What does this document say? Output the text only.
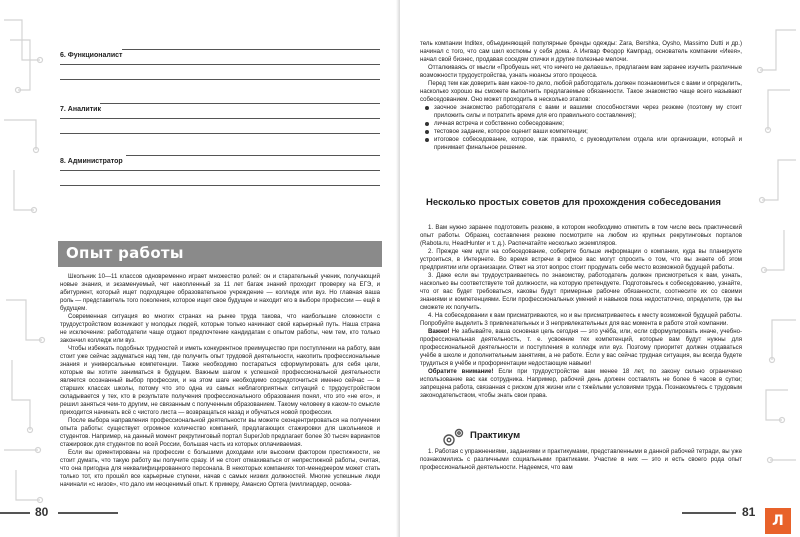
6. Функционалист
7. Аналитик
8. Администратор
Опыт работы

Школьник 10—11 классов одновременно играет множество ролей: он и старательный ученик, получающий новые знания, и экзаменуемый, чет накопленный за 11 лет багаж знаний проходит проверку на ЕГЭ, и абитуриент, который ищет подходящее образовательное учреждение — колледж или вуз. Но главная ваша роль — представитель того поколения, которое ищет свое будущее и находит его в выборе профессии — ещё в будущем.

Современная ситуация во многих странах на рынке труда такова, что наибольшие сложности с трудоустройством возникают у молодых людей, которые только начинают свой карьерный путь. Наша страна не исключение: работодатели чаще отдают предпочтение кандидатам с опытом работы, чем тем, кто только закончил колледж или вуз.

Чтобы избежать подобных трудностей и иметь конкурентное преимущество при поступлении на работу, вам стоит уже сейчас задуматься над тем, где получить опыт трудовой деятельности, накопить профессиональные знания и универсальные компетенции. Также необходимо постараться сформулировать для себя цели, которые вы хотите заниматься в будущем. Важным шагом к успешной профессиональной деятельности является осознанный выбор профессии, и на этом шаге необходимо сосредоточиться именно сейчас — в старших классах школы, потому что это одна из самых неблагоприятных ситуаций с трудоустройством складывается у тех, кто в результате получения профессионального образования понял, что это «не его», и решил заняться чем-то другим, не связанным с полученным образованием. Такому человеку в каком-то смысле приходится начинать всё с чистого листа — возвращаться назад и обучаться новой профессии.

После выбора направления профессиональной деятельности вы можете сконцентрироваться на получении опыта работы: существует огромное количество компаний, предлагающих стажировки для школьников и студентов. Например, на данный момент рекрутинговый портал SuperJob предлагает более 30 тысяч вариантов стажировок для студентов по всей России, большая часть из которых оплачиваемая.

Если вы ориентированы на профессии с большими доходами или высоким фактором престижности, не стоит думать, что такую работу вы получите сразу. И не стоит отмахиваться от непрестижной работы, считая, что она пригодна для неквалифицированного персонала. В некоторых компаниях топ-менеджером может стать только тот, кто прошёл все карьерные ступени, начав с самых низких должностей. Многие успешные люди начинали «с низов», что дало им неоценимый опыт. К примеру, Амансио Ортега (миллиардер, основа-

80

тель компании Inditex, объединяющей популярные бренды одежды: Zara, Bershka, Oysho, Massimo Dutti и др.) начинал с того, что сам шил костюмы у себя дома. А Ингвар Феодор Кампрад, основатель компании «Икея», начал свой бизнес, продавая соседям спички и другие полезные мелочи.

Отталкиваясь от мысли «Пробуешь нет, что ничего не делаешь», предлагаем вам заранее изучить различные возможности трудоустройства, узнать нюансы этого процесса.

Перед тем как доверить вам какое-то дело, любой работодатель должен познакомиться с вами и определить, насколько хорошо вы сможете выполнить предлагаемые обязанности. Такое знакомство чаще всего называют собеседованием. Оно может проходить в несколько этапов:

заочное знакомство работодателя с вами и вашими способностями через резюме (поэтому му стоит приложить силы и потратить время для его правильного составления);
личная встреча и собственно собеседование;
тестовое задание, которое оценит ваши компетенции;
итоговое собеседование, которое, как правило, с руководителем отдела или организации, который и принимает финальное решение.
Несколько простых советов для прохождения собеседования

1. Вам нужно заранее подготовить резюме, в котором необходимо отметить в том числе весь практический опыт работы. Образец составления резюме посмотрите на любом из крупных рекрутинговых порталов (Rabota.ru, HeadHunter и т. д.). Распечатайте несколько экземпляров.

2. Прежде чем идти на собеседование, соберите больше информации о компании, куда вы планируете устроиться, в Интернете. Во время встречи в офисе вас могут спросить о том, что вы знаете об этом предприятии или организации. Ответ на этот вопрос стоит продумать себе место возможной будущей работы.

3. Даже если вы трудоустраиваетесь по знакомству, работодатель должен присмотреться к вам, узнать, насколько вы соответствуете той должности, на которую претендуете. Подготовьтесь к собеседованию, узнайте, что от вас будет требоваться, каковы будут примерные рабочие обязанности, соотнесите их со своими знаниями и компетенциями. Если профессиональных умений и навыков пока недостаточно, определите, где вы сможете их получить.

4. На собеседовании к вам присматриваются, но и вы присматриваетесь к месту возможной будущей работы. Попробуйте выделить 3 привлекательных и 3 непривлекательных для вас момента в работе этой компании.

Важно! Не забывайте, ваша основная цель сегодня — это учёба, или, если сформулировать иначе, учебно-профессиональная деятельность, т. е. усвоение тех компетенций, которые вам будут нужны для профессиональной деятельности и поступления в колледж или вуз. Поэтому приоритет должен отдаваться учёбе в школе и дополнительным занятиям, а не работе. Если у вас сейчас трудная ситуация, вы всегда будете трудиться в учёбе и профориентации недостающие навыки!

Обратите внимание! Если при трудоустройстве вам менее 18 лет, по закону сильно ограничено использование вас как сотрудника. Например, рабочий день должен составлять не более 6 часов в сутки; запрещена работа, связанная с риском для жизни или с тяжёлыми условиями труда. Познакомьтесь с трудовым законодательством, чтобы знать свои права.

Практикум

1. Работая с упражнениями, заданиями и практикумами, представленными в данной рабочей тетради, вы уже познакомились с различными социальными практиками. Участие в них — это и есть своего рода опыт профессиональной деятельности. Надеемся, что вам

81
Л
